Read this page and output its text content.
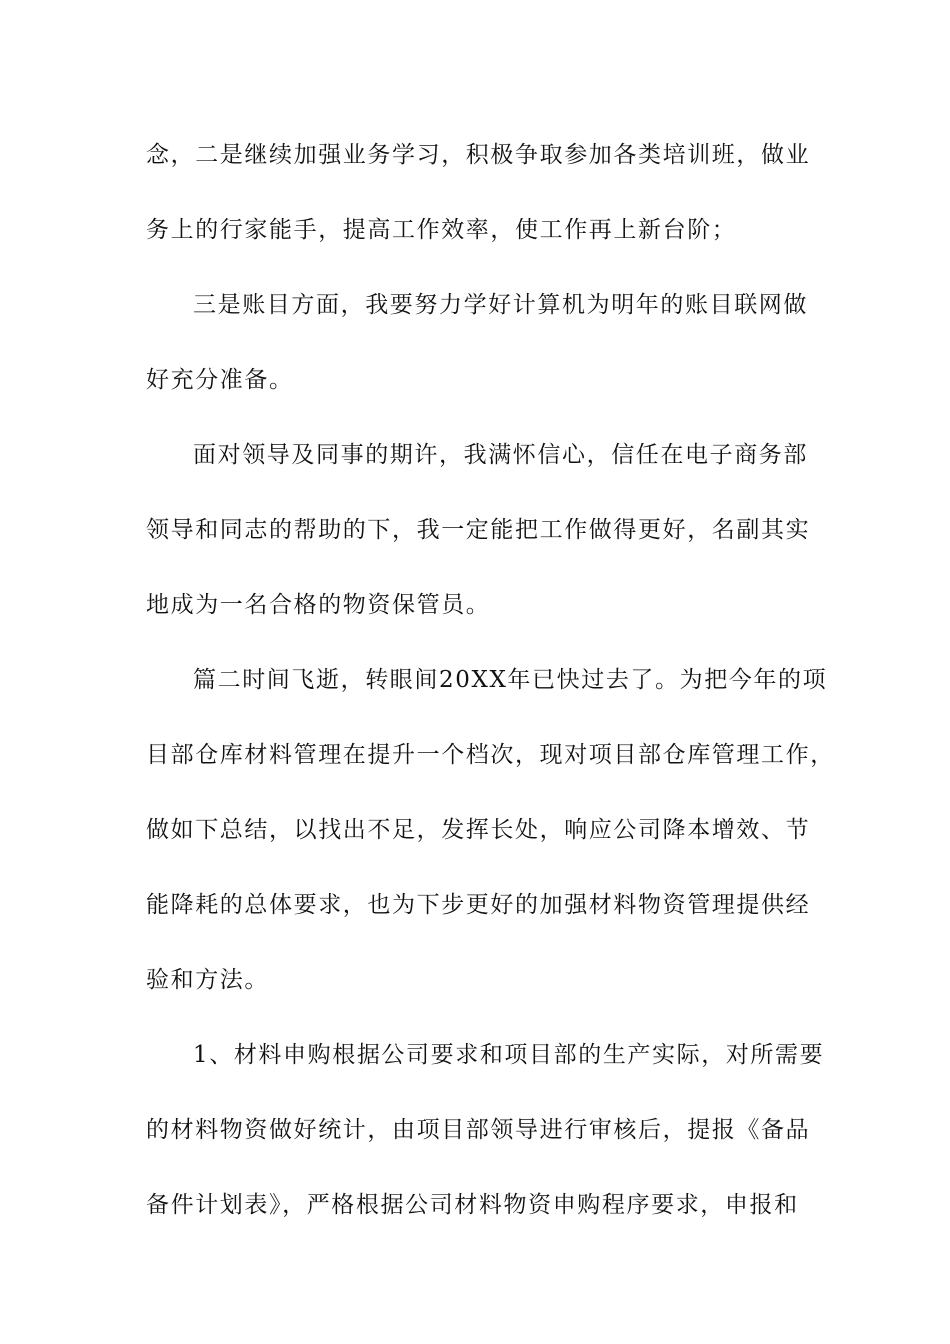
念，二是继续加强业务学习，积极争取参加各类培训班，做业
务上的行家能手，提高工作效率，使工作再上新台阶；
三是账目方面，我要努力学好计算机为明年的账目联网做
好充分准备。
面对领导及同事的期许，我满怀信心，信任在电子商务部
领导和同志的帮助的下，我一定能把工作做得更好，名副其实
地成为一名合格的物资保管员。
篇二时间飞逝，转眼间20XX年已快过去了。为把今年的项
目部仓库材料管理在提升一个档次，现对项目部仓库管理工作，
做如下总结，以找出不足，发挥长处，响应公司降本增效、节
能降耗的总体要求，也为下步更好的加强材料物资管理提供经
验和方法。
1、材料申购根据公司要求和项目部的生产实际，对所需要
的材料物资做好统计，由项目部领导进行审核后，提报《备品
备件计划表》，严格根据公司材料物资申购程序要求，申报和
